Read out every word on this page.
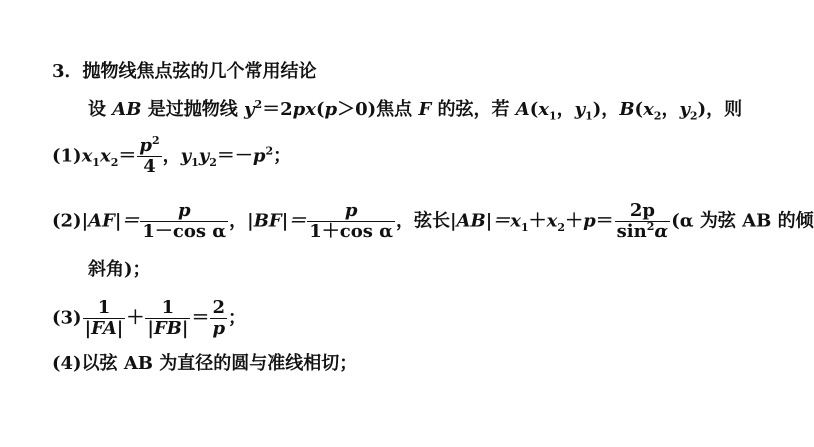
3．抛物线焦点弦的几个常用结论
设 AB 是过抛物线 $y^2=2px(p>0)$焦点 F 的弦，若 $A(x_1$，$y_1$)，$B(x_2$，$y_2$)，则
$(1)x_1x_2= \frac{p^2}{4}$ ，$y_1y_2=-p^2$；
$(2)|AF|= \frac{p}{\text{1－cos α}}$ ，$|BF|= \frac{p}{\text{1＋cos α}}$ ，弦长$|AB|=x_1+x_2+p= \frac{2p}{\sin^2\alpha} (\alpha$ 为弦 AB 的倾
斜角)；
$(3) \frac{1}{|FA|} + \frac{1}{|FB|} = \frac{2}{p}$ ；
(4)以弦 AB 为直径的圆与准线相切；
